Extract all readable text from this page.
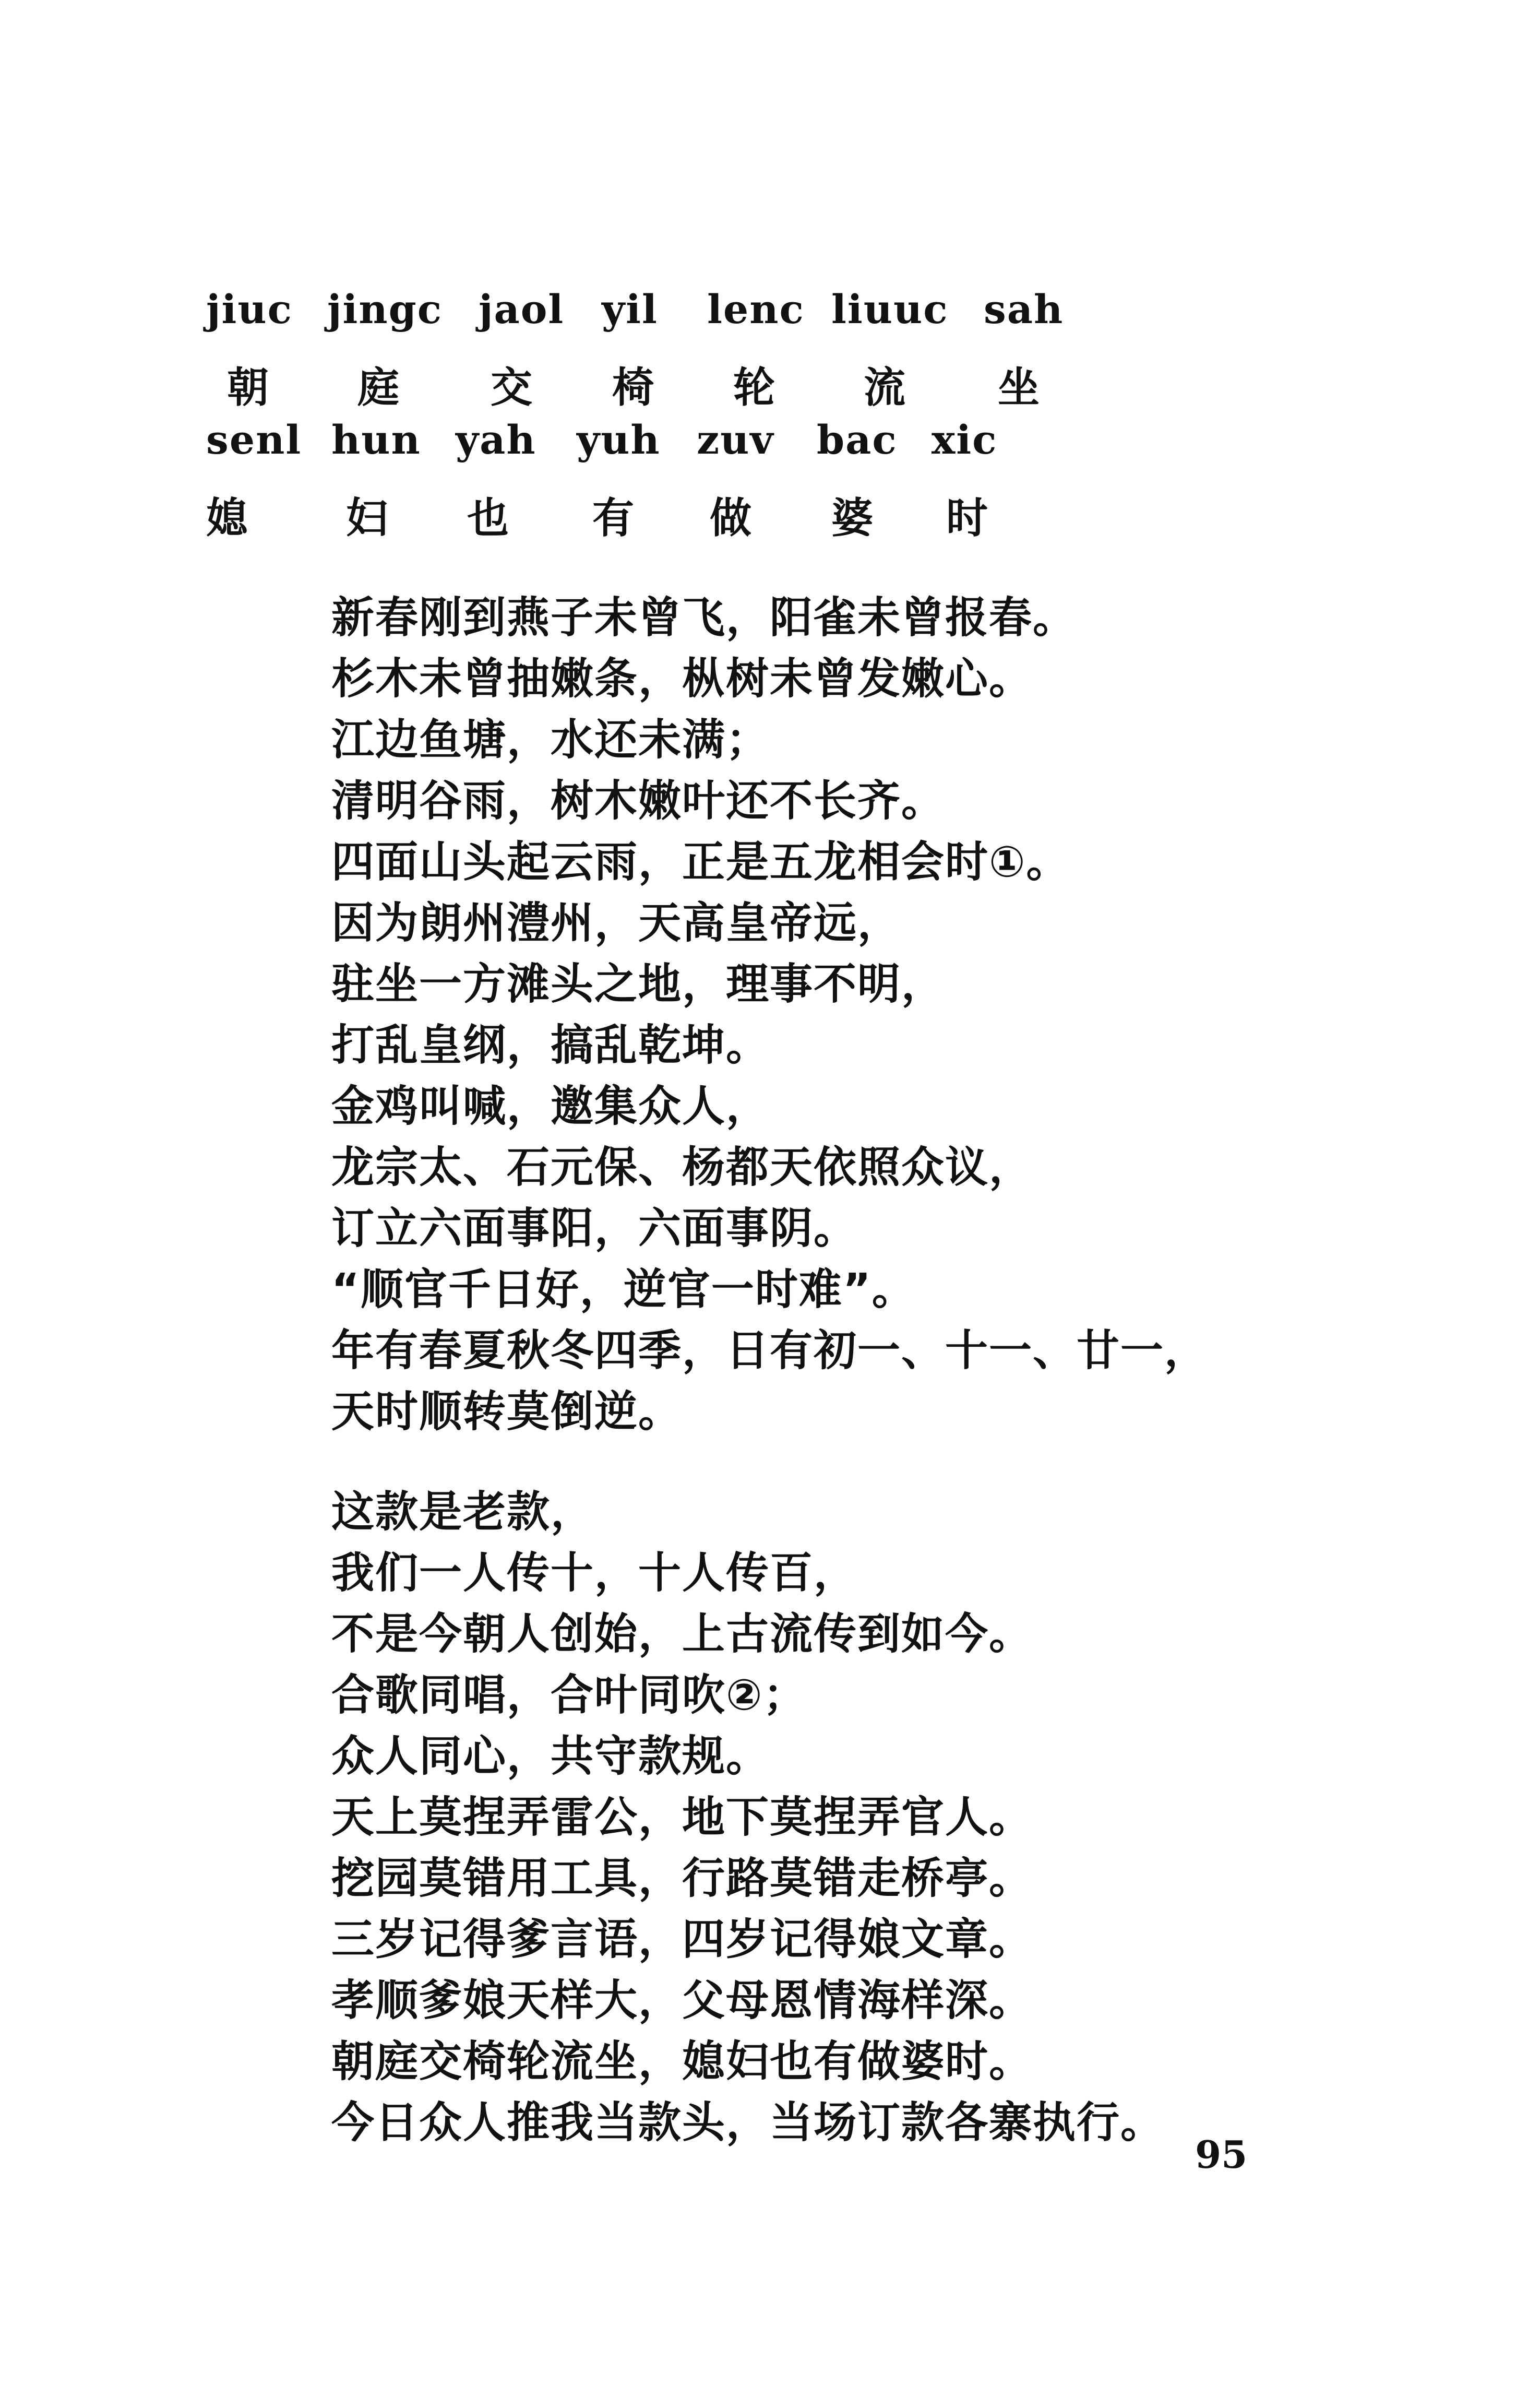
jiuc jingc jaol yil lenc liuuc sah
朝 庭 交 椅 轮 流 坐
senl hun yah yuh zuv bac xic
媳 妇 也 有 做 婆 时
新春刚到燕子未曾飞，阳雀未曾报春。
杉木未曾抽嫩条，枞树未曾发嫩心。
江边鱼塘，水还未满；
清明谷雨，树木嫩叶还不长齐。
四面山头起云雨，正是五龙相会时①。
因为朗州澧州，天高皇帝远，
驻坐一方滩头之地，理事不明，
打乱皇纲，搞乱乾坤。
金鸡叫喊，邀集众人，
龙宗太、石元保、杨都天依照众议，
订立六面事阳，六面事阴。
“顺官千日好，逆官一时难”。
年有春夏秋冬四季，日有初一、十一、廿一，
天时顺转莫倒逆。
这款是老款，
我们一人传十，十人传百，
不是今朝人创始，上古流传到如今。
合歌同唱，合叶同吹②；
众人同心，共守款规。
天上莫捏弄雷公，地下莫捏弄官人。
挖园莫错用工具，行路莫错走桥亭。
三岁记得爹言语，四岁记得娘文章。
孝顺爹娘天样大，父母恩情海样深。
朝庭交椅轮流坐，媳妇也有做婆时。
今日众人推我当款头，当场订款各寨执行。
95
